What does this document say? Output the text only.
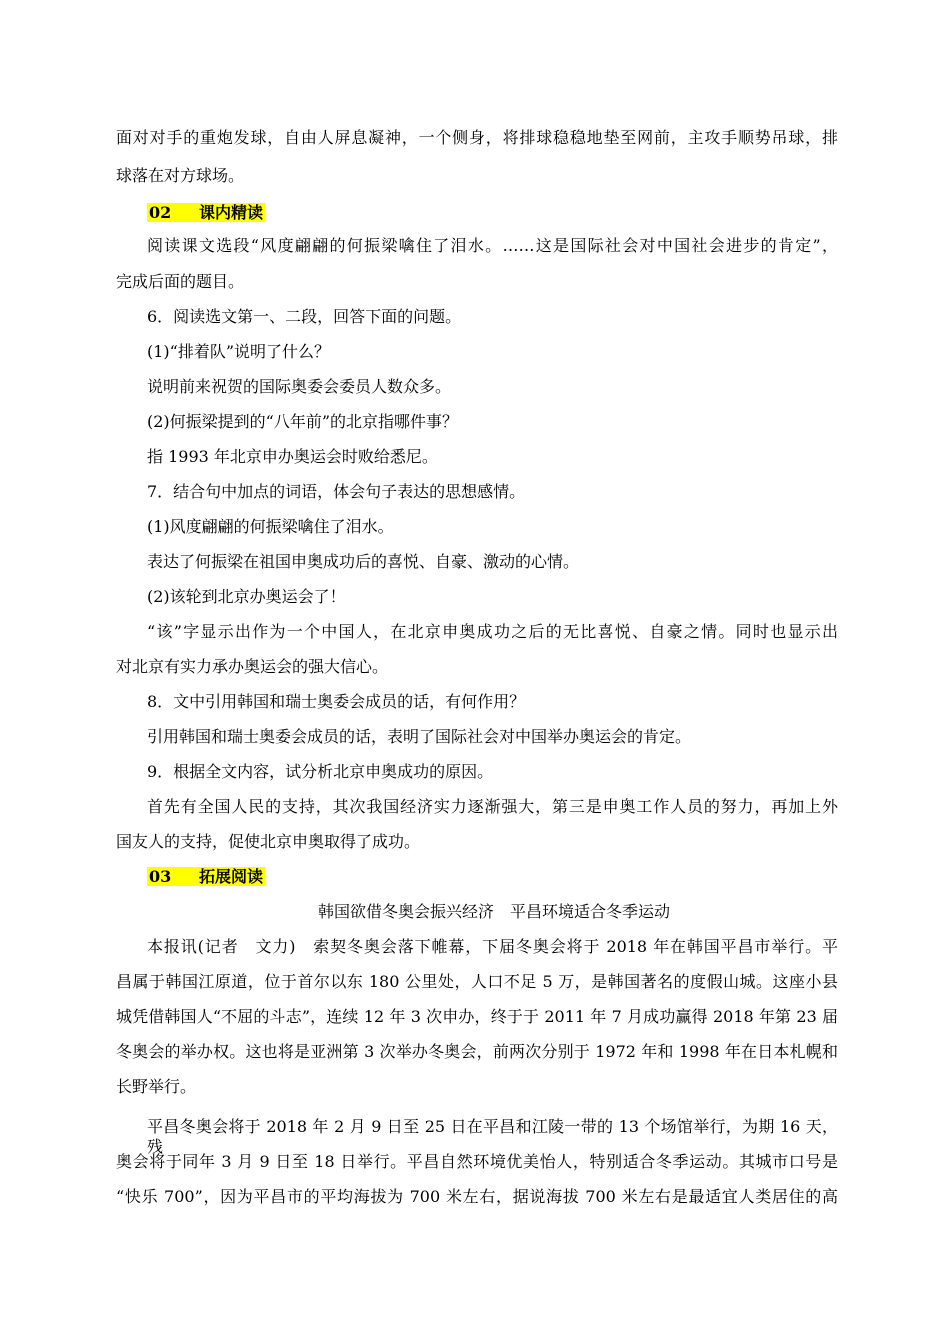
面对对手的重炮发球，自由人屏息凝神，一个侧身，将排球稳稳地垫至网前，主攻手顺势吊球，排
球落在对方球场。
02 课内精读
阅读课文选段“风度翩翩的何振梁噙住了泪水。……这是国际社会对中国社会进步的肯定”，
完成后面的题目。
6．阅读选文第一、二段，回答下面的问题。
(1)“排着队”说明了什么？
说明前来祝贺的国际奥委会委员人数众多。
(2)何振梁提到的“八年前”的北京指哪件事？
指 1993 年北京申办奥运会时败给悉尼。
7．结合句中加点的词语，体会句子表达的思想感情。
(1)风度翩翩的何振梁噙住了泪水。
表达了何振梁在祖国申奥成功后的喜悦、自豪、激动的心情。
(2)该轮到北京办奥运会了！
“该”字显示出作为一个中国人，在北京申奥成功之后的无比喜悦、自豪之情。同时也显示出
对北京有实力承办奥运会的强大信心。
8．文中引用韩国和瑞士奥委会成员的话，有何作用？
引用韩国和瑞士奥委会成员的话，表明了国际社会对中国举办奥运会的肯定。
9．根据全文内容，试分析北京申奥成功的原因。
首先有全国人民的支持，其次我国经济实力逐渐强大，第三是申奥工作人员的努力，再加上外
国友人的支持，促使北京申奥取得了成功。
03 拓展阅读
韩国欲借冬奥会振兴经济　平昌环境适合冬季运动
本报讯(记者　文力)　索契冬奥会落下帷幕，下届冬奥会将于 2018 年在韩国平昌市举行。平
昌属于韩国江原道，位于首尔以东 180 公里处，人口不足 5 万，是韩国著名的度假山城。这座小县
城凭借韩国人“不屈的斗志”，连续 12 年 3 次申办，终于于 2011 年 7 月成功赢得 2018 年第 23 届
冬奥会的举办权。这也将是亚洲第 3 次举办冬奥会，前两次分别于 1972 年和 1998 年在日本札幌和
长野举行。
平昌冬奥会将于 2018 年 2 月 9 日至 25 日在平昌和江陵一带的 13 个场馆举行，为期 16 天，残
奥会将于同年 3 月 9 日至 18 日举行。平昌自然环境优美怡人，特别适合冬季运动。其城市口号是
“快乐 700”，因为平昌市的平均海拔为 700 米左右，据说海拔 700 米左右是最适宜人类居住的高
